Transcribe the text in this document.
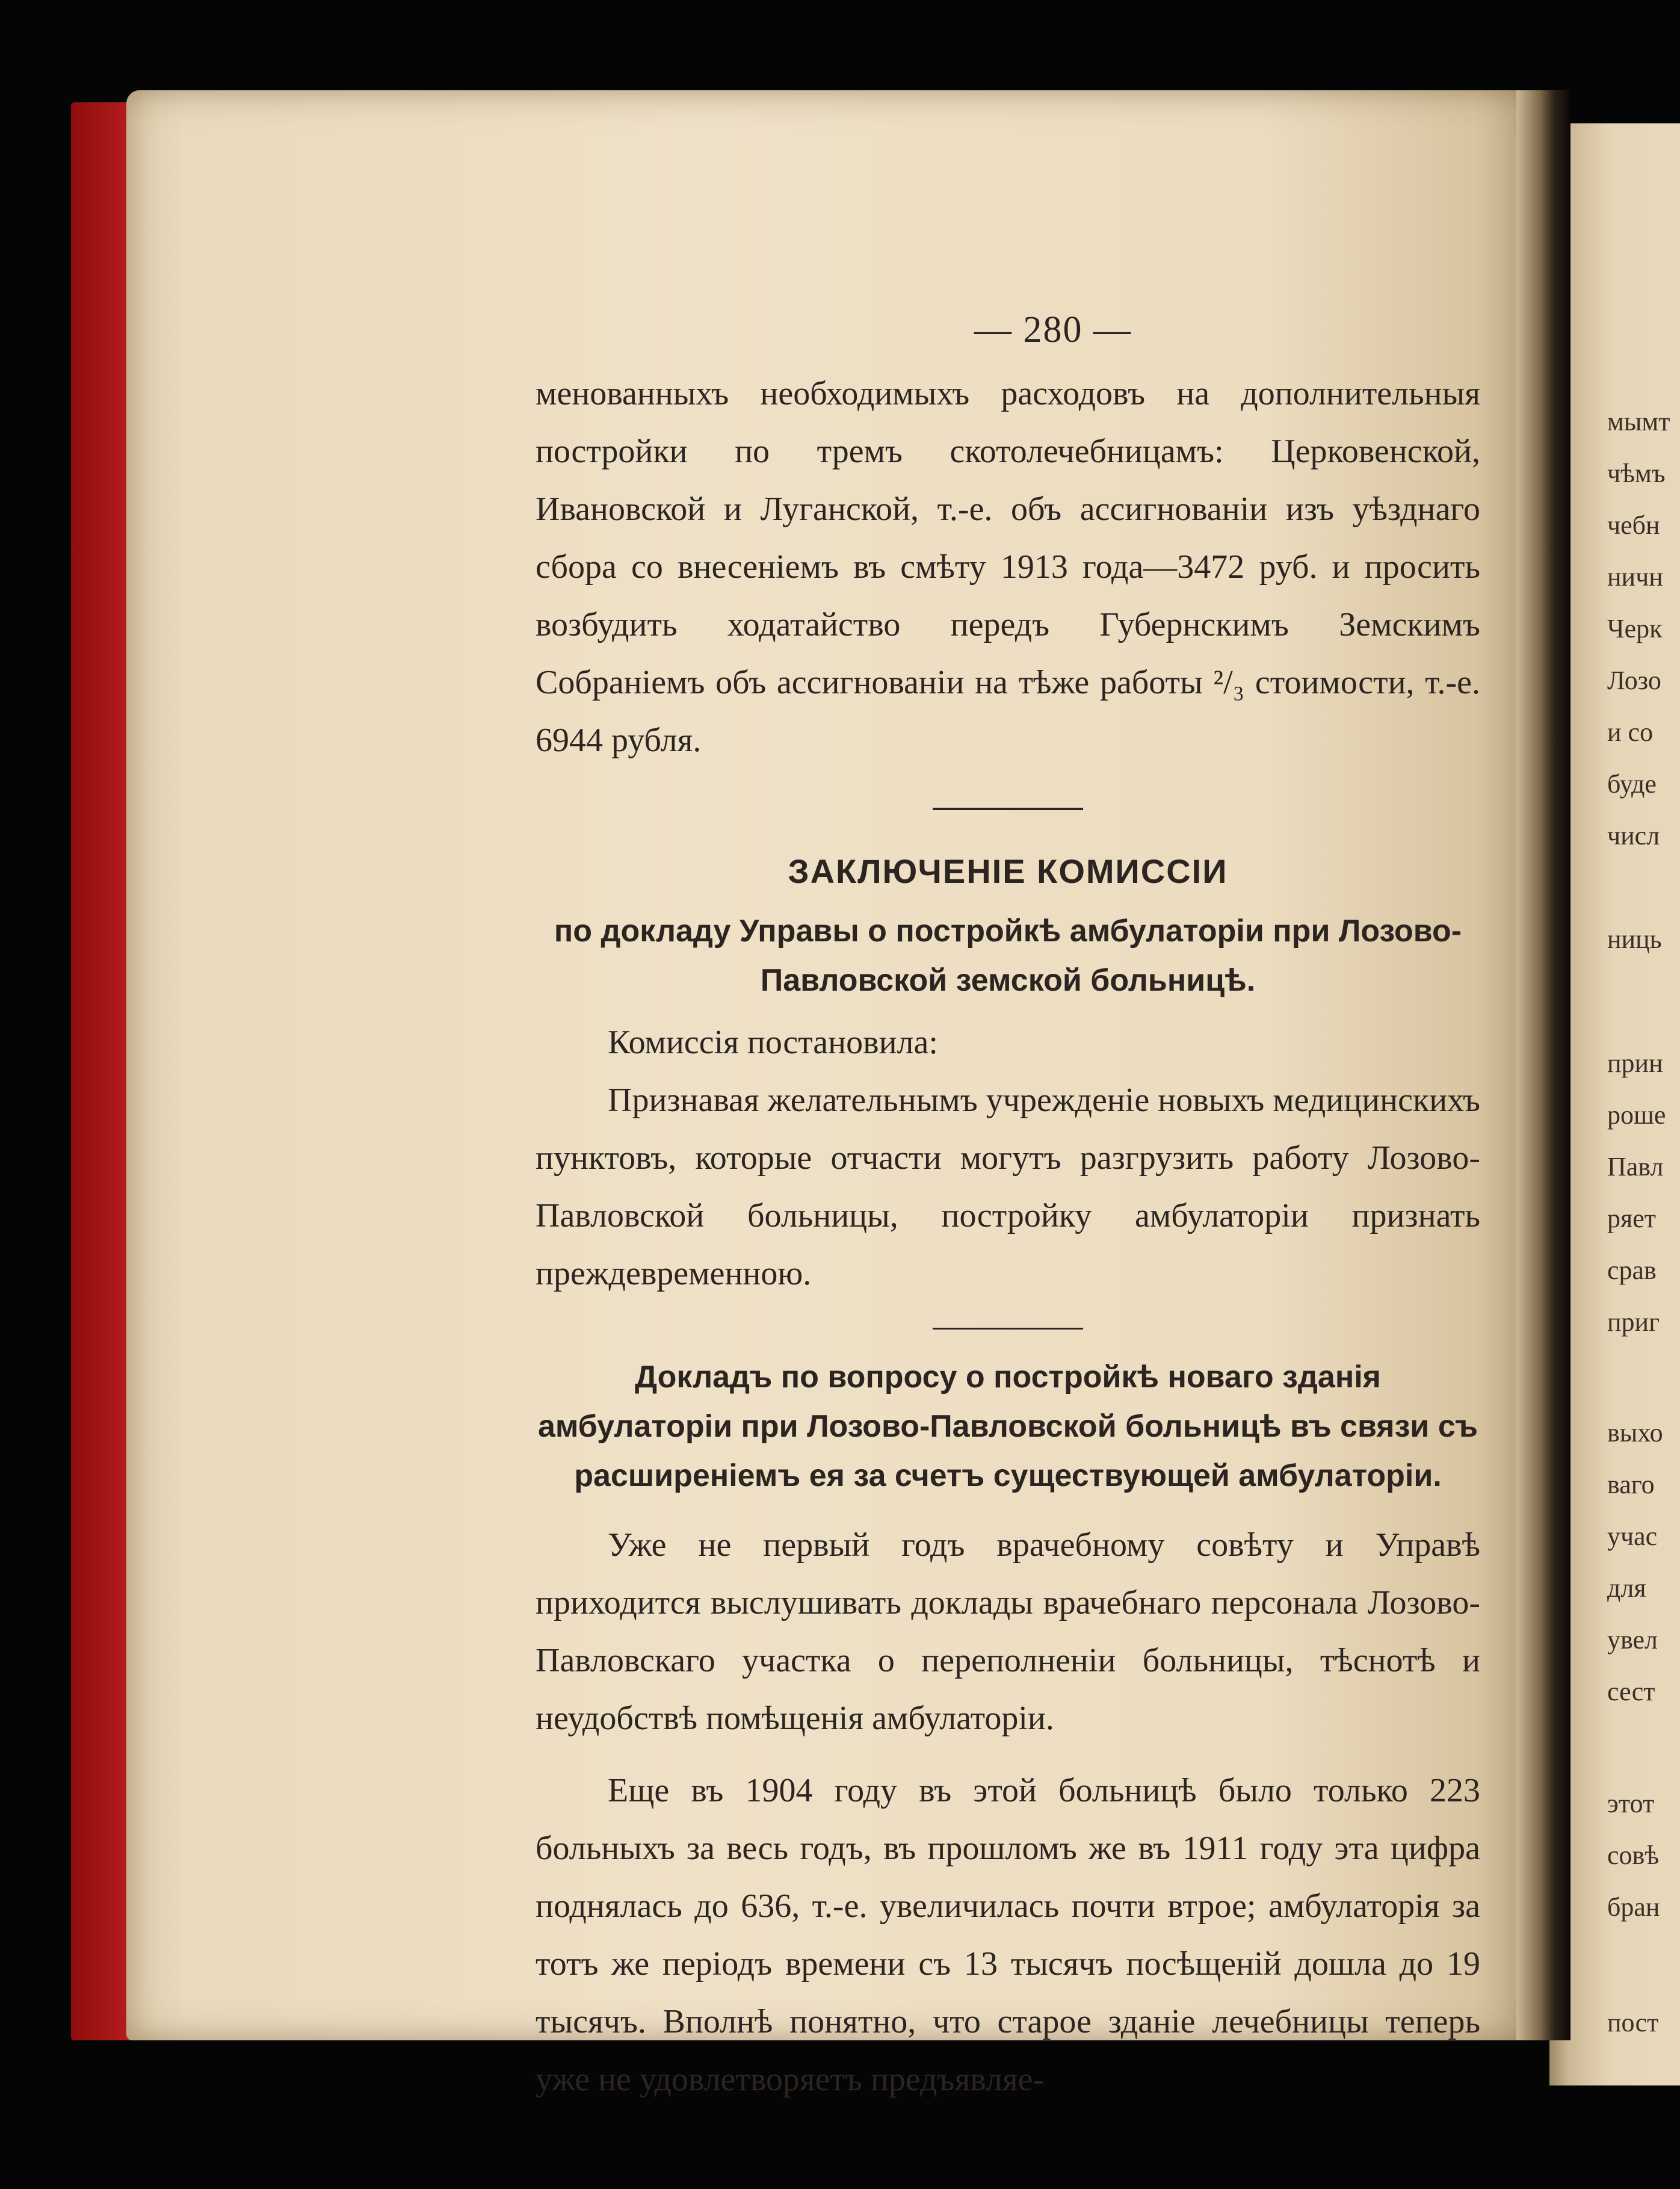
мымт
чѣмъ
чебн
ничн
Черк
Лозо
и со
буде
числ
ниць
прин
роше
Павл
ряет
срав
приг
выхо
ваго
учас
для
увел
сест
этот
совѣ
бран
пост
— 280 —

менованныхъ необходимыхъ расходовъ на дополнительныя постройки по тремъ скотолечебницамъ: Церковенской, Ивановской и Луганской, т.-е. объ ассигнованіи изъ уѣзднаго сбора со внесеніемъ въ смѣту 1913 года—3472 руб. и просить возбудить ходатайство передъ Губернскимъ Земскимъ Собраніемъ объ ассигнованіи на тѣже работы ²/₃ стоимости, т.-е. 6944 рубля.

ЗАКЛЮЧЕНІЕ КОМИССІИ
по докладу Управы о постройкѣ амбулаторіи при Лозово-Павловской земской больницѣ.

Комиссія постановила:

Признавая желательнымъ учрежденіе новыхъ медицинскихъ пунктовъ, которые отчасти могутъ разгрузить работу Лозово-Павловской больницы, постройку амбулаторіи признать преждевременною.

Докладъ по вопросу о постройкѣ новаго зданія амбулаторіи при Лозово-Павловской больницѣ въ связи съ расширеніемъ ея за счетъ существующей амбулаторіи.

Уже не первый годъ врачебному совѣту и Управѣ приходится выслушивать доклады врачебнаго персонала Лозово-Павловскаго участка о переполненіи больницы, тѣснотѣ и неудобствѣ помѣщенія амбулаторіи.

Еще въ 1904 году въ этой больницѣ было только 223 больныхъ за весь годъ, въ прошломъ же въ 1911 году эта цифра поднялась до 636, т.-е. увеличилась почти втрое; амбулаторія за тотъ же періодъ времени съ 13 тысячъ посѣщеній дошла до 19 тысячъ. Вполнѣ понятно, что старое зданіе лечебницы теперь уже не удовлетворяетъ предъявляе-
